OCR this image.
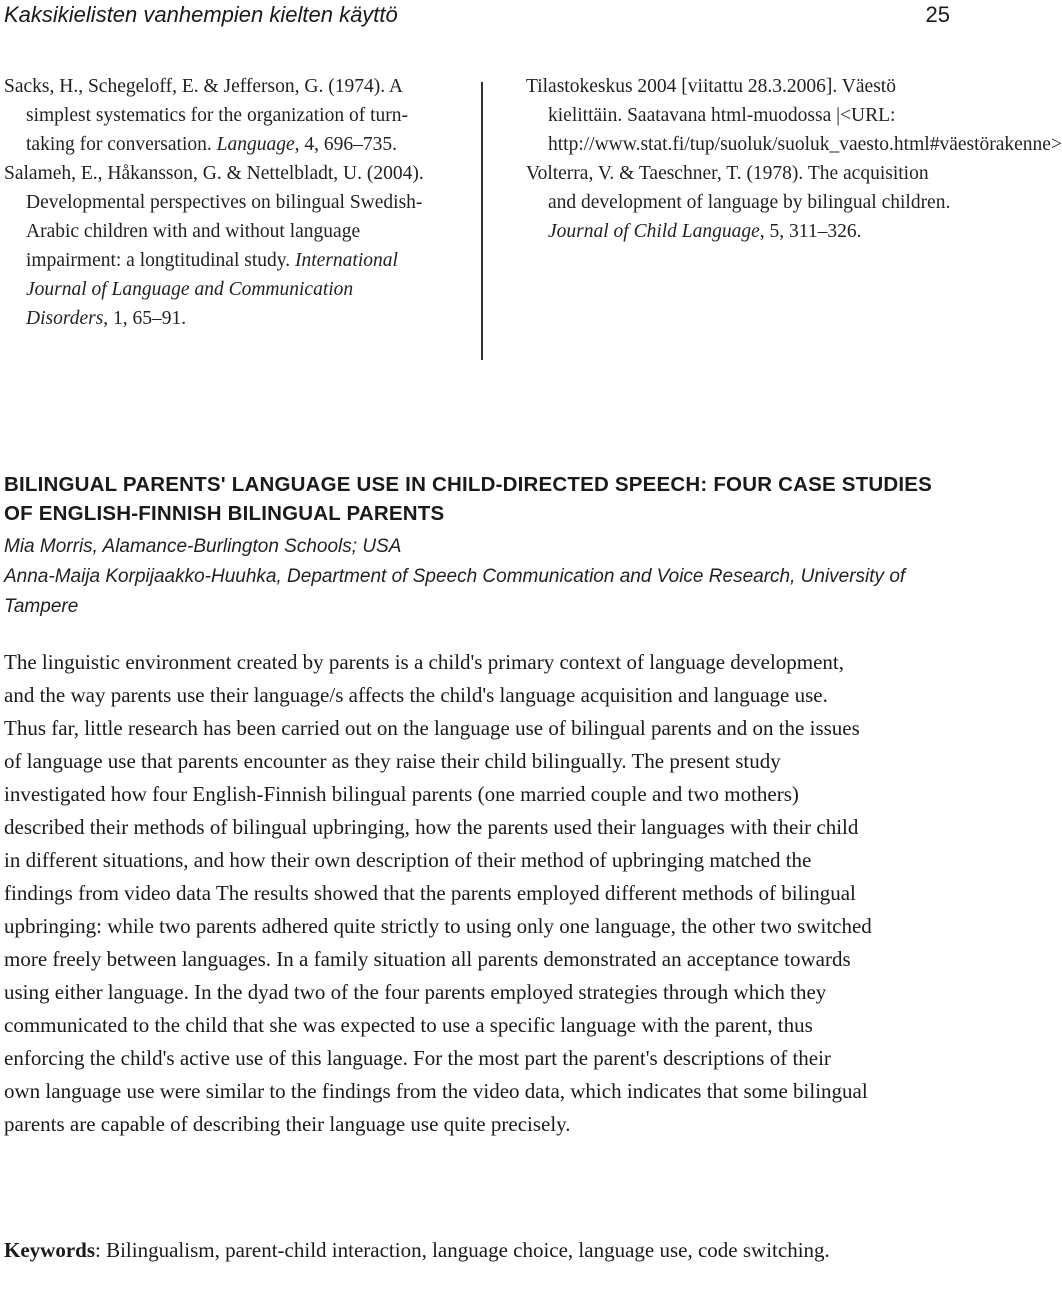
Kaksikielisten vanhempien kielten käyttö	25
Sacks, H., Schegeloff, E. & Jefferson, G. (1974). A simplest systematics for the organization of turn-taking for conversation. Language, 4, 696–735.
Salameh, E., Håkansson, G. & Nettelbladt, U. (2004). Developmental perspectives on bilingual Swedish-Arabic children with and without language impairment: a longtitudinal study. International Journal of Language and Communication Disorders, 1, 65–91.
Tilastokeskus 2004 [viitattu 28.3.2006]. Väestö kielittäin. Saatavana html-muodossa |<URL: http://www.stat.fi/tup/suoluk/suoluk_vaesto.html#väestörakenne>
Volterra, V. & Taeschner, T. (1978). The acquisition and development of language by bilingual children. Journal of Child Language, 5, 311–326.
BILINGUAL PARENTS' LANGUAGE USE IN CHILD-DIRECTED SPEECH: FOUR CASE STUDIES OF ENGLISH-FINNISH BILINGUAL PARENTS
Mia Morris, Alamance-Burlington Schools; USA
Anna-Maija Korpijaakko-Huuhka, Department of Speech Communication and Voice Research, University of Tampere

The linguistic environment created by parents is a child's primary context of language development, and the way parents use their language/s affects the child's language acquisition and language use. Thus far, little research has been carried out on the language use of bilingual parents and on the issues of language use that parents encounter as they raise their child bilingually. The present study investigated how four English-Finnish bilingual parents (one married couple and two mothers) described their methods of bilingual upbringing, how the parents used their languages with their child in different situations, and how their own description of their method of upbringing matched the findings from video data The results showed that the parents employed different methods of bilingual upbringing: while two parents adhered quite strictly to using only one language, the other two switched more freely between languages. In a family situation all parents demonstrated an acceptance towards using either language. In the dyad two of the four parents employed strategies through which they communicated to the child that she was expected to use a specific language with the parent, thus enforcing the child's active use of this language. For the most part the parent's descriptions of their own language use were similar to the findings from the video data, which indicates that some bilingual parents are capable of describing their language use quite precisely.

Keywords: Bilingualism, parent-child interaction, language choice, language use, code switching.
